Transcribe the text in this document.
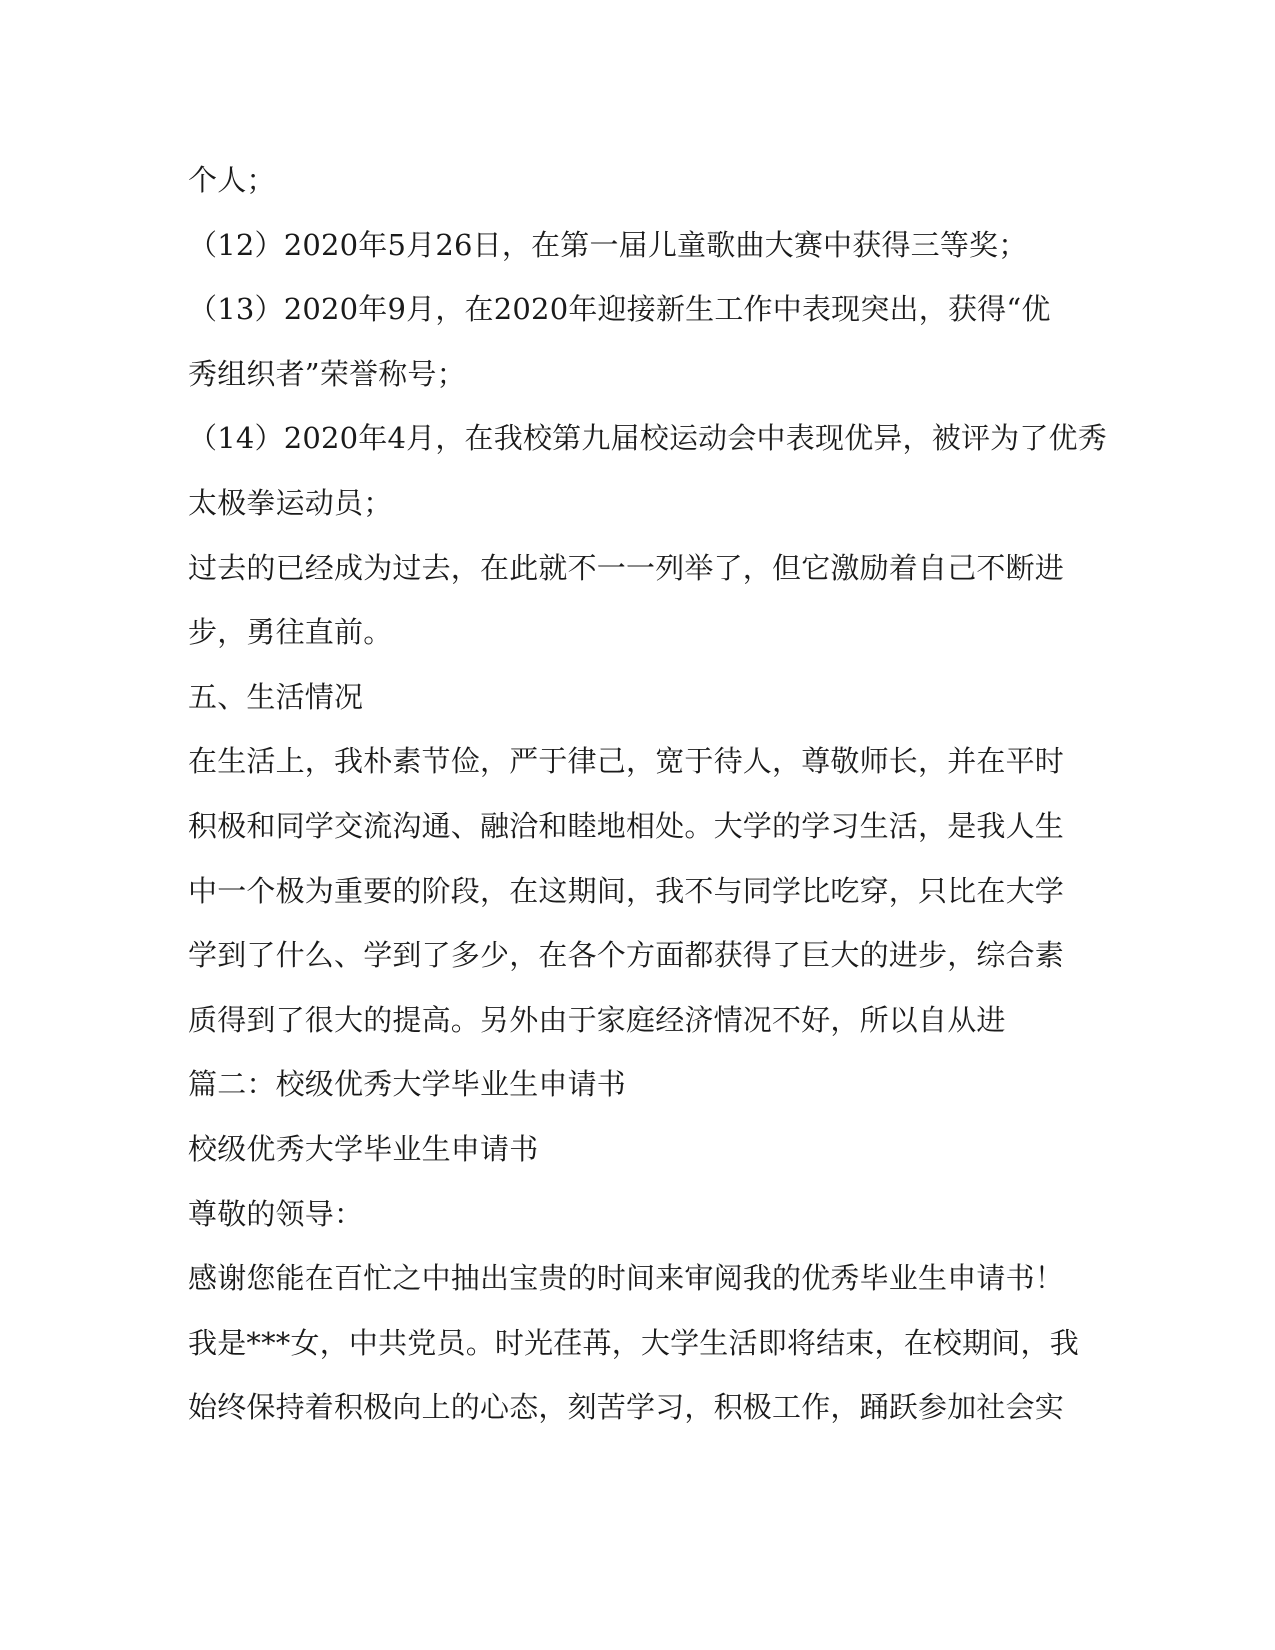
个人；
（12）2020年5月26日，在第一届儿童歌曲大赛中获得三等奖；
（13）2020年9月，在2020年迎接新生工作中表现突出，获得“优
秀组织者”荣誉称号；
（14）2020年4月，在我校第九届校运动会中表现优异，被评为了优秀
太极拳运动员；
过去的已经成为过去，在此就不一一列举了，但它激励着自己不断进
步，勇往直前。
五、生活情况
在生活上，我朴素节俭，严于律己，宽于待人，尊敬师长，并在平时
积极和同学交流沟通、融洽和睦地相处。大学的学习生活，是我人生
中一个极为重要的阶段，在这期间，我不与同学比吃穿，只比在大学
学到了什么、学到了多少，在各个方面都获得了巨大的进步，综合素
质得到了很大的提高。另外由于家庭经济情况不好，所以自从进
篇二：校级优秀大学毕业生申请书
校级优秀大学毕业生申请书
尊敬的领导：
感谢您能在百忙之中抽出宝贵的时间来审阅我的优秀毕业生申请书！
我是***女，中共党员。时光荏苒，大学生活即将结束，在校期间，我
始终保持着积极向上的心态，刻苦学习，积极工作，踊跃参加社会实
